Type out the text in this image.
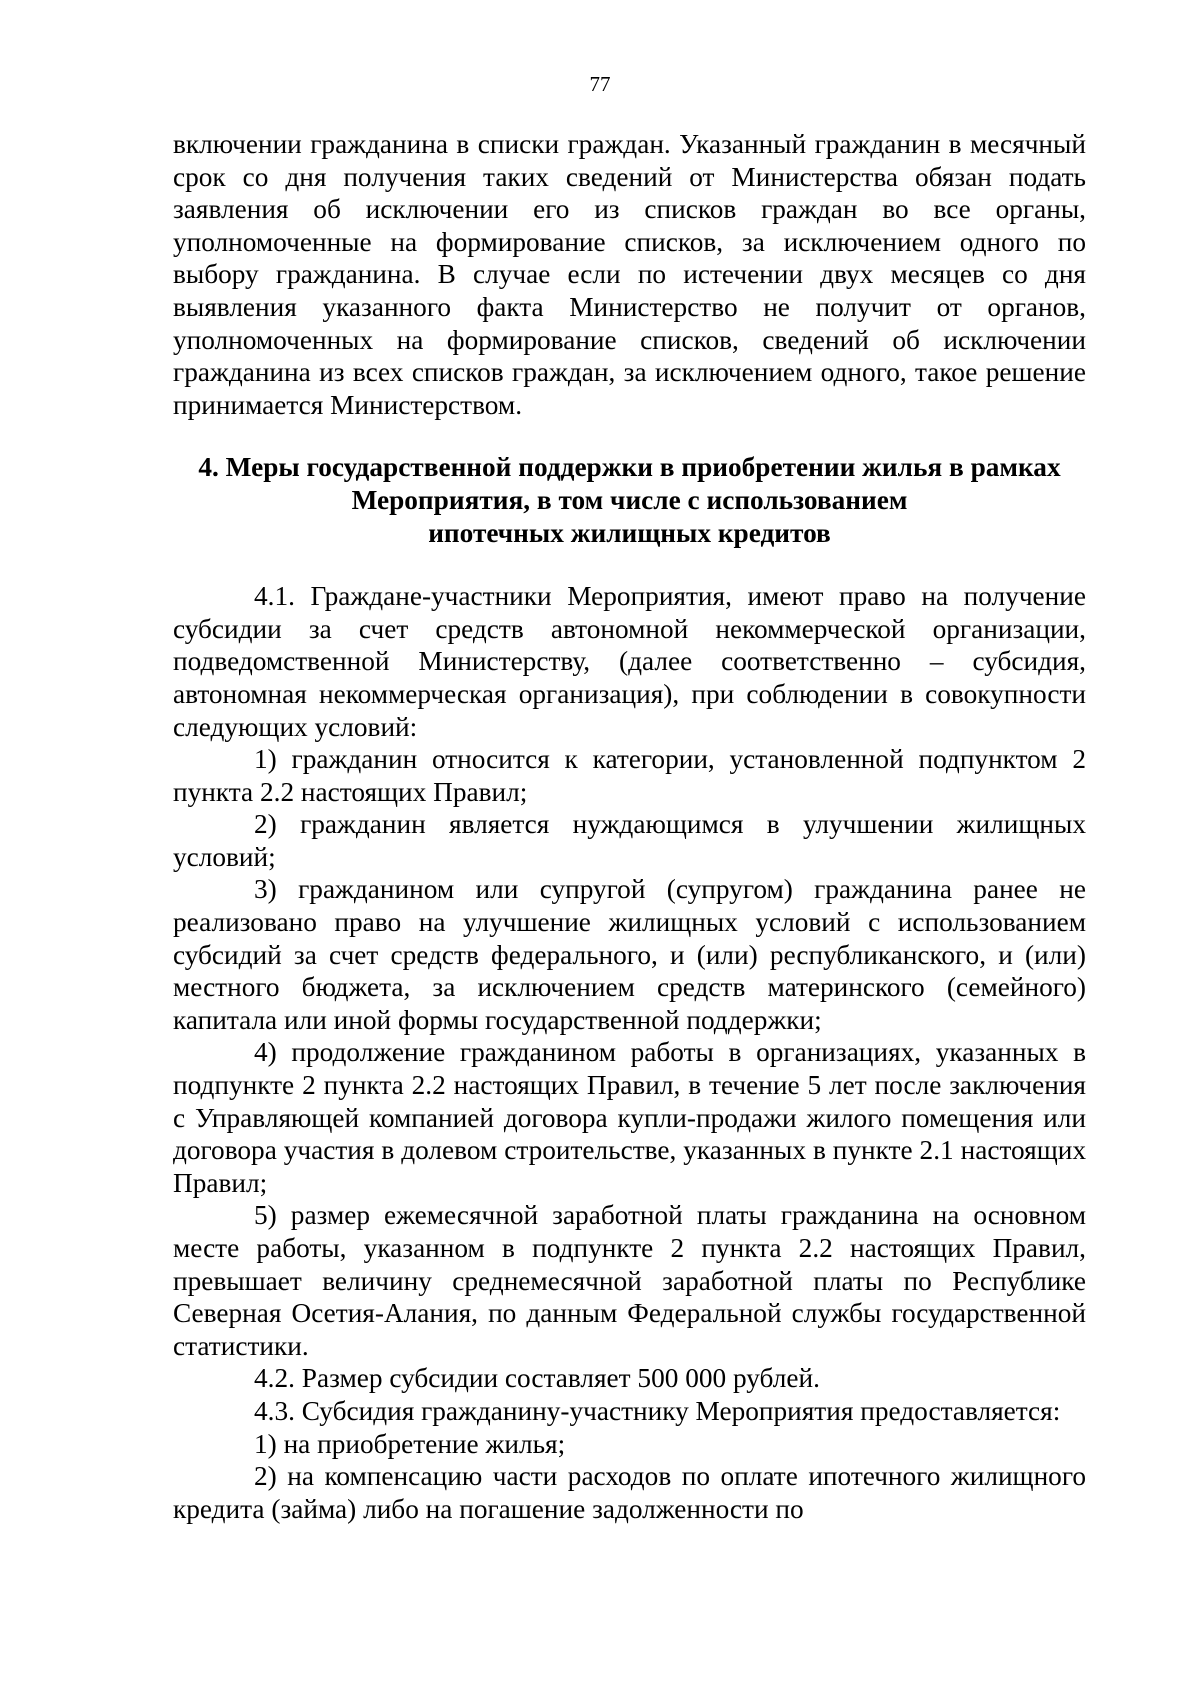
77

включении гражданина в списки граждан. Указанный гражданин в месячный срок со дня получения таких сведений от Министерства обязан подать заявления об исключении его из списков граждан во все органы, уполномоченные на формирование списков, за исключением одного по выбору гражданина. В случае если по истечении двух месяцев со дня выявления указанного факта Министерство не получит от органов, уполномоченных на формирование списков, сведений об исключении гражданина из всех списков граждан, за исключением одного, такое решение принимается Министерством.

4. Меры государственной поддержки в приобретении жилья в рамках
Мероприятия, в том числе с использованием
ипотечных жилищных кредитов

4.1. Граждане-участники Мероприятия, имеют право на получение субсидии за счет средств автономной некоммерческой организации, подведомственной Министерству, (далее соответственно – субсидия, автономная некоммерческая организация), при соблюдении в совокупности следующих условий:

1) гражданин относится к категории, установленной подпунктом 2 пункта 2.2 настоящих Правил;

2) гражданин является нуждающимся в улучшении жилищных условий;

3) гражданином или супругой (супругом) гражданина ранее не реализовано право на улучшение жилищных условий с использованием субсидий за счет средств федерального, и (или) республиканского, и (или) местного бюджета, за исключением средств материнского (семейного) капитала или иной формы государственной поддержки;

4) продолжение гражданином работы в организациях, указанных в подпункте 2 пункта 2.2 настоящих Правил, в течение 5 лет после заключения с Управляющей компанией договора купли-продажи жилого помещения или договора участия в долевом строительстве, указанных в пункте 2.1 настоящих Правил;

5) размер ежемесячной заработной платы гражданина на основном месте работы, указанном в подпункте 2 пункта 2.2 настоящих Правил, превышает величину среднемесячной заработной платы по Республике Северная Осетия-Алания, по данным Федеральной службы государственной статистики.

4.2. Размер субсидии составляет 500 000 рублей.

4.3. Субсидия гражданину-участнику Мероприятия предоставляется:

1) на приобретение жилья;

2) на компенсацию части расходов по оплате ипотечного жилищного кредита (займа) либо на погашение задолженности по
